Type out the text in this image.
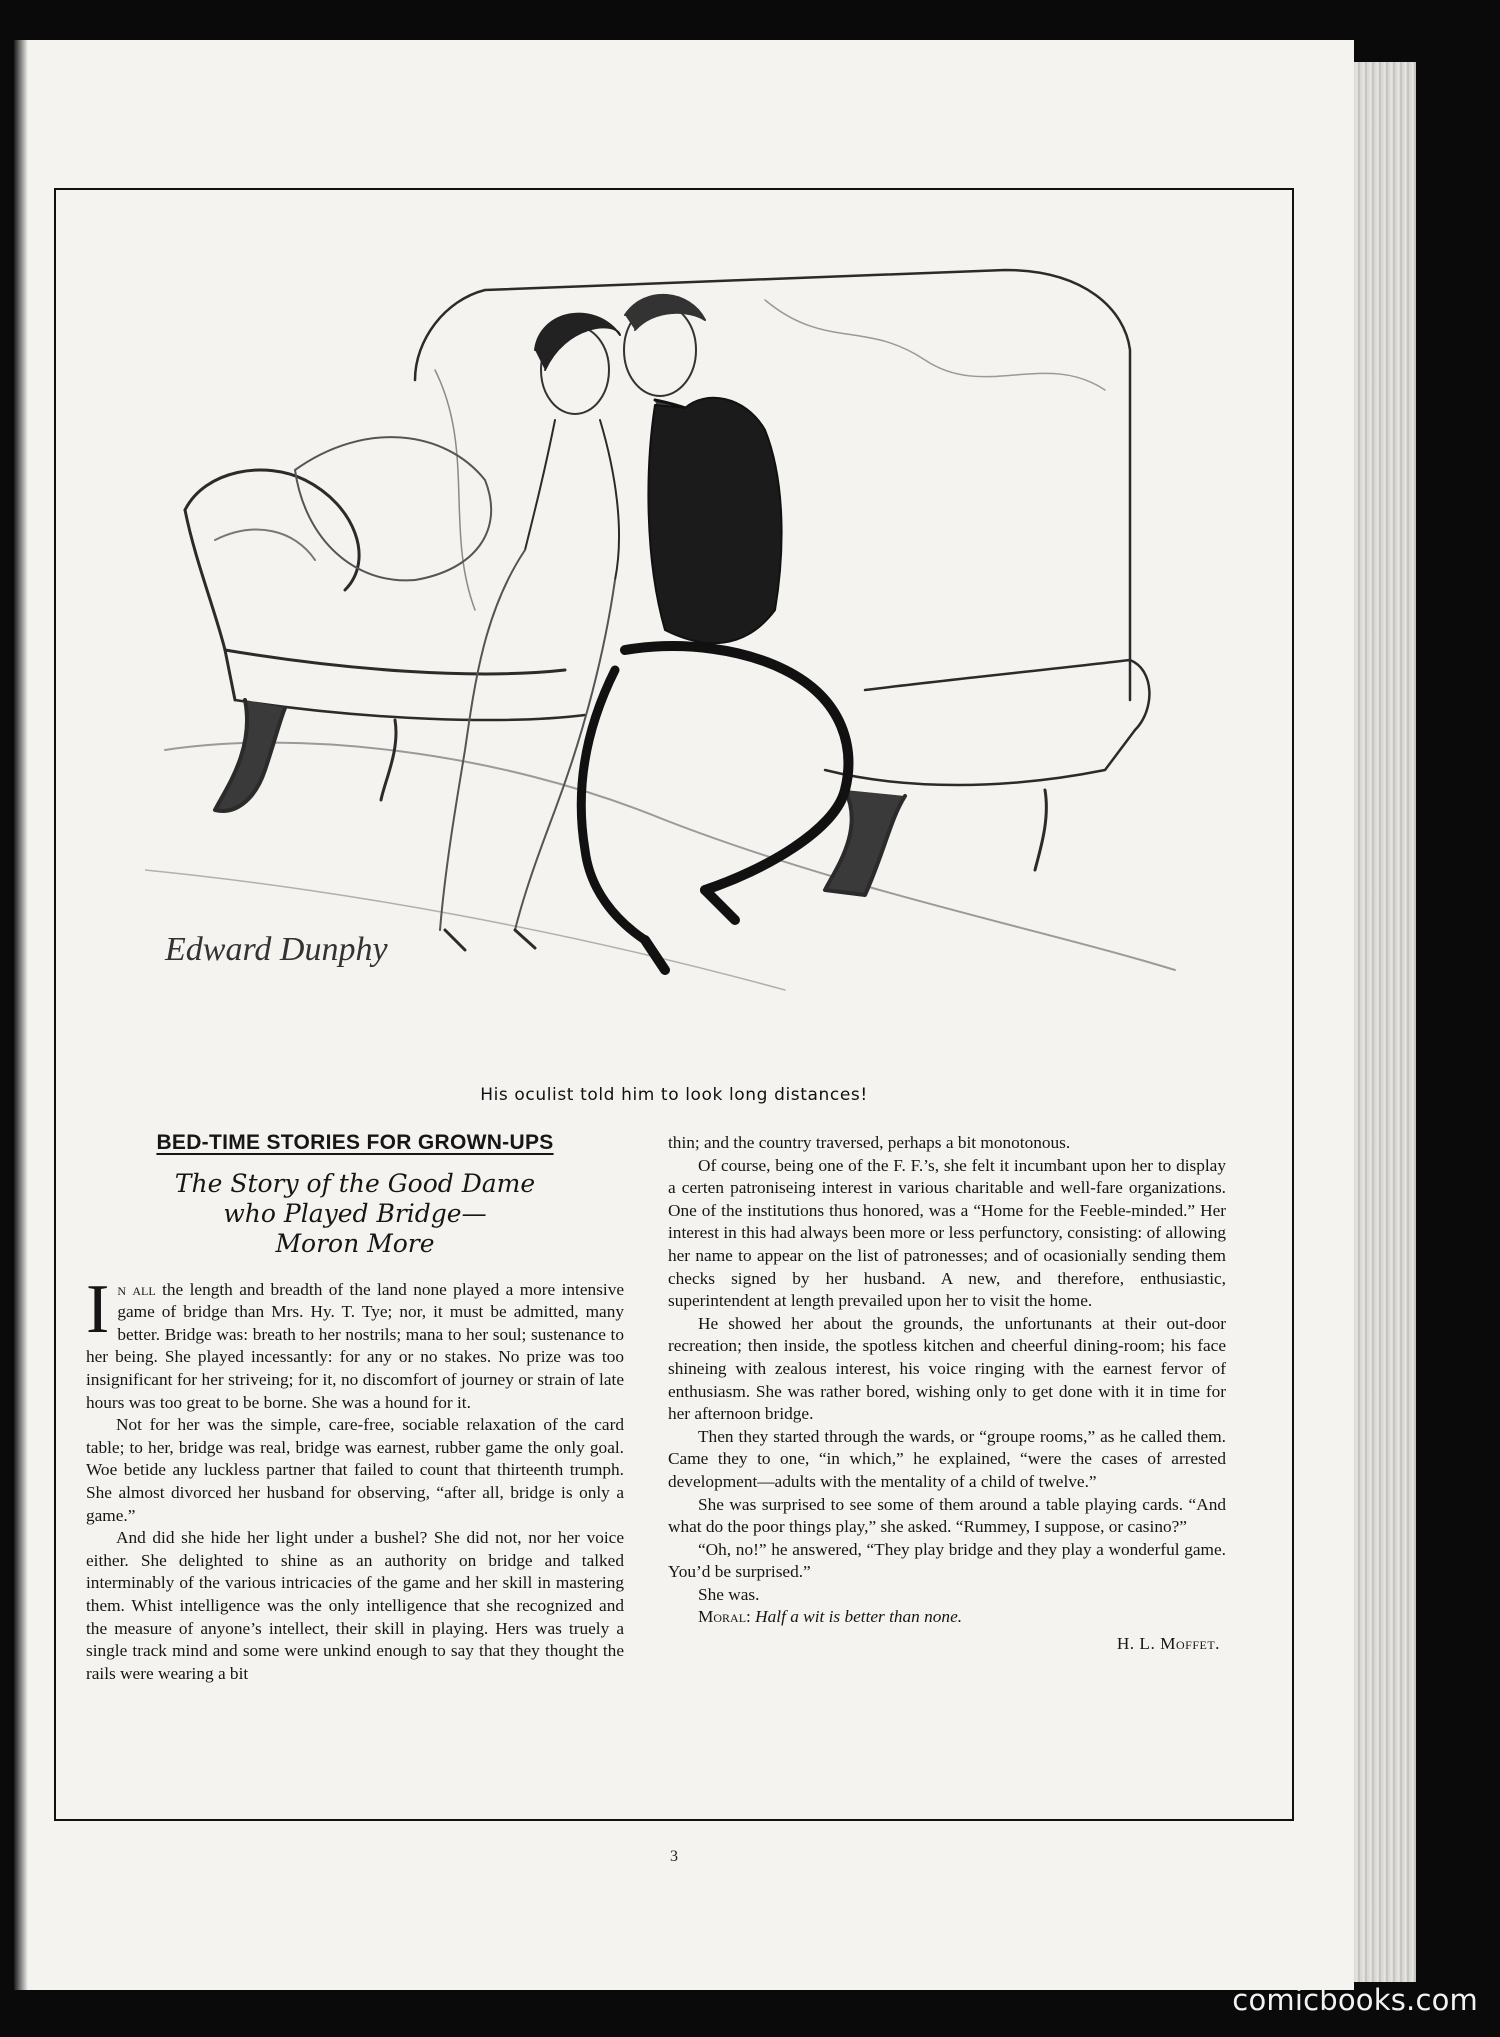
Edward Dunphy
His oculist told him to look long distances!
BED-TIME STORIES FOR GROWN-UPS
The Story of the Good Dame
who Played Bridge—
Moron More

In all the length and breadth of the land none played a more intensive game of bridge than Mrs. Hy. T. Tye; nor, it must be admitted, many better. Bridge was: breath to her nostrils; mana to her soul; sustenance to her being. She played incessantly: for any or no stakes. No prize was too insignificant for her striveing; for it, no discomfort of journey or strain of late hours was too great to be borne. She was a hound for it.

Not for her was the simple, care-free, sociable relaxation of the card table; to her, bridge was real, bridge was earnest, rubber game the only goal. Woe betide any luckless partner that failed to count that thirteenth trumph. She almost divorced her husband for observing, “after all, bridge is only a game.”

And did she hide her light under a bushel? She did not, nor her voice either. She delighted to shine as an authority on bridge and talked interminably of the various intricacies of the game and her skill in mastering them. Whist intelligence was the only intelligence that she recognized and the measure of anyone’s intellect, their skill in playing. Hers was truely a single track mind and some were unkind enough to say that they thought the rails were wearing a bit

thin; and the country traversed, perhaps a bit monotonous.

Of course, being one of the F. F.’s, she felt it incumbant upon her to display a certen patroniseing interest in various charitable and well-fare organizations. One of the institutions thus honored, was a “Home for the Feeble-minded.” Her interest in this had always been more or less perfunctory, consisting: of allowing her name to appear on the list of patronesses; and of ocasionially sending them checks signed by her husband. A new, and therefore, enthusiastic, superintendent at length prevailed upon her to visit the home.

He showed her about the grounds, the unfortunants at their out-door recreation; then inside, the spotless kitchen and cheerful dining-room; his face shineing with zealous interest, his voice ringing with the earnest fervor of enthusiasm. She was rather bored, wishing only to get done with it in time for her afternoon bridge.

Then they started through the wards, or “groupe rooms,” as he called them. Came they to one, “in which,” he explained, “were the cases of arrested development—adults with the mentality of a child of twelve.”

She was surprised to see some of them around a table playing cards. “And what do the poor things play,” she asked. “Rummey, I suppose, or casino?”

“Oh, no!” he answered, “They play bridge and they play a wonderful game. You’d be surprised.”

She was.

Moral: Half a wit is better than none.

H. L. Moffet.

3
comicbooks.com
